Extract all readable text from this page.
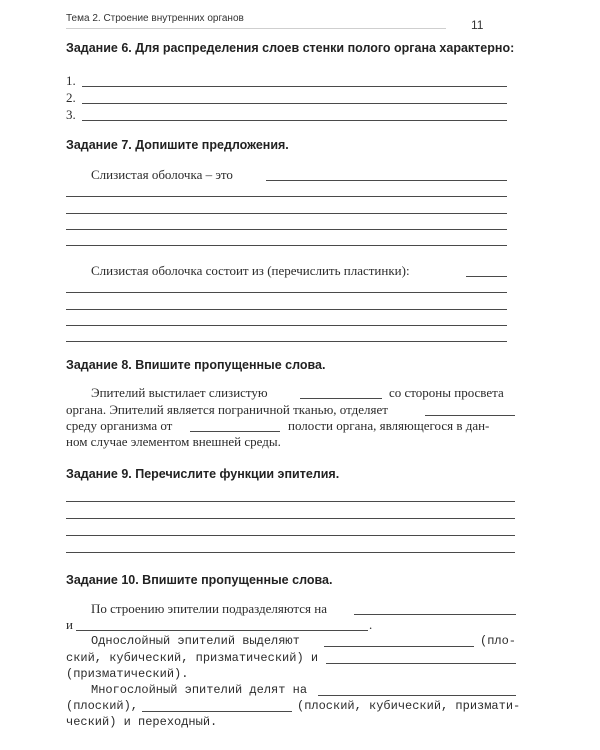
Тема 2. Строение внутренних органов	11
Задание 6. Для распределения слоев стенки полого органа характерно:
1.
2.
3.
Задание 7. Допишите предложения.
Слизистая оболочка – это
Слизистая оболочка состоит из (перечислить пластинки):
Задание 8. Впишите пропущенные слова.
Эпителий выстилает слизистую	со стороны просвета
органа. Эпителий является пограничной тканью, отделяет
среду организма от	полости органа, являющегося в дан-
ном случае элементом внешней среды.
Задание 9. Перечислите функции эпителия.
Задание 10. Впишите пропущенные слова.
По строению эпителии подразделяются на
и	.
Однослойный эпителий выделяют	(пло-
ский, кубический, призматический) и
(призматический).
Многослойный эпителий делят на
(плоский),	(плоский, кубический, призмати-
ческий) и переходный.
